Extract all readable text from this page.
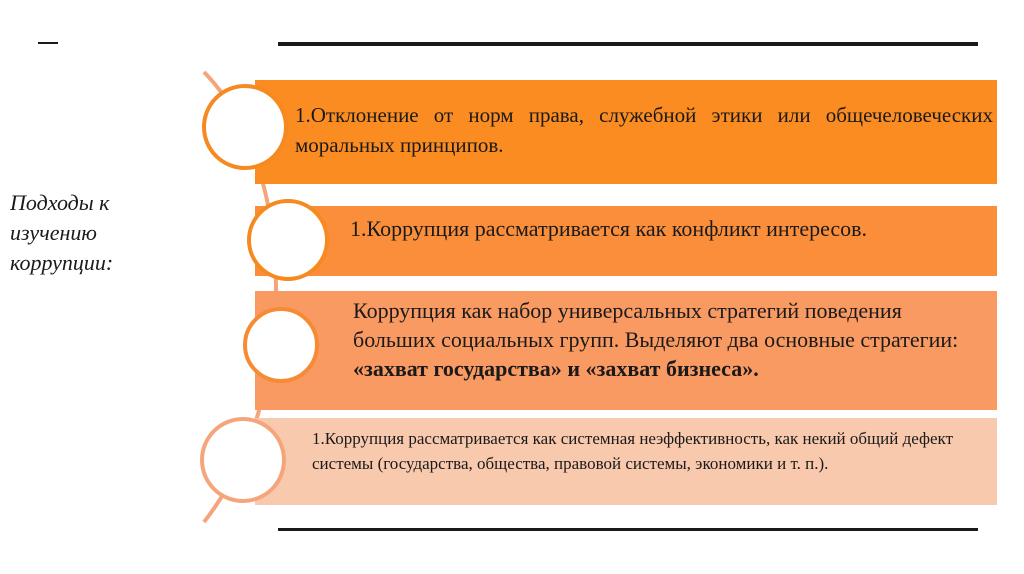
Подходы к изучению коррупции:
1.Отклонение от норм права, служебной этики или общечеловеческих моральных принципов.
1.Коррупция рассматривается как конфликт интересов.
Коррупция как набор универсальных стратегий поведения больших социальных групп. Выделяют два основные стратегии: «захват государства» и «захват бизнеса».
1.Коррупция рассматривается как системная неэффективность, как некий общий дефект системы (государства, общества, правовой системы, экономики и т. п.).
